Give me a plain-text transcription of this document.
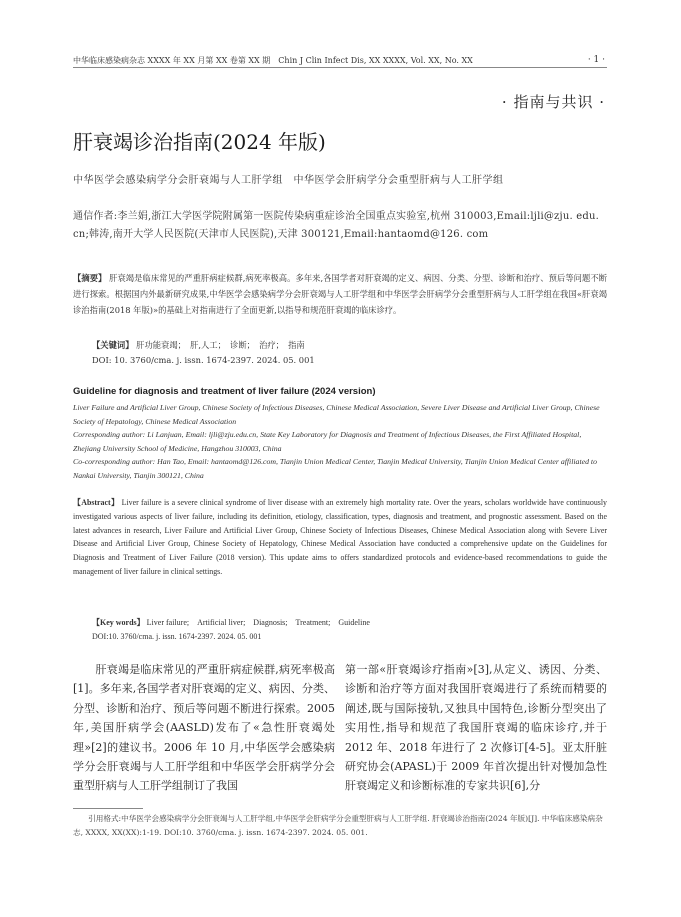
中华临床感染病杂志 XXXX 年 XX 月第 XX 卷第 XX 期　Chin J Clin Infect Dis, XX XXXX, Vol. XX, No. XX	· 1 ·
· 指南与共识 ·
肝衰竭诊治指南(2024 年版)
中华医学会感染病学分会肝衰竭与人工肝学组　中华医学会肝病学分会重型肝病与人工肝学组
通信作者:李兰娟,浙江大学医学院附属第一医院传染病重症诊治全国重点实验室,杭州 310003,Email:ljli@zju. edu. cn;韩涛,南开大学人民医院(天津市人民医院),天津 300121,Email:hantaomd@126. com
【摘要】 肝衰竭是临床常见的严重肝病症候群,病死率极高。多年来,各国学者对肝衰竭的定义、病因、分类、分型、诊断和治疗、预后等问题不断进行探索。根据国内外最新研究成果,中华医学会感染病学分会肝衰竭与人工肝学组和中华医学会肝病学分会重型肝病与人工肝学组在我国«肝衰竭诊治指南(2018 年版)»的基础上对指南进行了全面更新,以指导和规范肝衰竭的临床诊疗。
【关键词】 肝功能衰竭；　肝,人工；　诊断；　治疗；　指南
DOI: 10. 3760/cma. j. issn. 1674-2397. 2024. 05. 001
Guideline for diagnosis and treatment of liver failure (2024 version)
Liver Failure and Artificial Liver Group, Chinese Society of Infectious Diseases, Chinese Medical Association, Severe Liver Disease and Artificial Liver Group, Chinese Society of Hepatology, Chinese Medical Association
Corresponding author: Li Lanjuan, Email: ljli@zju.edu.cn, State Key Laboratory for Diagnosis and Treatment of Infectious Diseases, the First Affiliated Hospital, Zhejiang University School of Medicine, Hangzhou 310003, China
Co-corresponding author: Han Tao, Email: hantaomd@126.com, Tianjin Union Medical Center, Tianjin Medical University, Tianjin Union Medical Center affiliated to Nankai University, Tianjin 300121, China
【Abstract】 Liver failure is a severe clinical syndrome of liver disease with an extremely high mortality rate. Over the years, scholars worldwide have continuously investigated various aspects of liver failure, including its definition, etiology, classification, types, diagnosis and treatment, and prognostic assessment. Based on the latest advances in research, Liver Failure and Artificial Liver Group, Chinese Society of Infectious Diseases, Chinese Medical Association along with Severe Liver Disease and Artificial Liver Group, Chinese Society of Hepatology, Chinese Medical Association have conducted a comprehensive update on the Guidelines for Diagnosis and Treatment of Liver Failure (2018 version). This update aims to offers standardized protocols and evidence-based recommendations to guide the management of liver failure in clinical settings.
【Key words】 Liver failure;　Artificial liver;　Diagnosis;　Treatment;　Guideline
DOI:10. 3760/cma. j. issn. 1674-2397. 2024. 05. 001
　　肝衰竭是临床常见的严重肝病症候群,病死率极高[1]。多年来,各国学者对肝衰竭的定义、病因、分类、分型、诊断和治疗、预后等问题不断进行探索。2005 年,美国肝病学会(AASLD)发布了«急性肝衰竭处理»[2]的建议书。2006 年 10 月,中华医学会感染病学分会肝衰竭与人工肝学组和中华医学会肝病学分会重型肝病与人工肝学组制订了我国
第一部«肝衰竭诊疗指南»[3],从定义、诱因、分类、诊断和治疗等方面对我国肝衰竭进行了系统而精要的阐述,既与国际接轨,又独具中国特色,诊断分型突出了实用性,指导和规范了我国肝衰竭的临床诊疗,并于 2012 年、2018 年进行了 2 次修订[4-5]。亚太肝脏研究协会(APASL)于 2009 年首次提出针对慢加急性肝衰竭定义和诊断标准的专家共识[6],分
　　引用格式:中华医学会感染病学分会肝衰竭与人工肝学组,中华医学会肝病学分会重型肝病与人工肝学组. 肝衰竭诊治指南(2024 年版)[J]. 中华临床感染病杂志, XXXX, XX(XX):1-19. DOI:10. 3760/cma. j. issn. 1674-2397. 2024. 05. 001.
